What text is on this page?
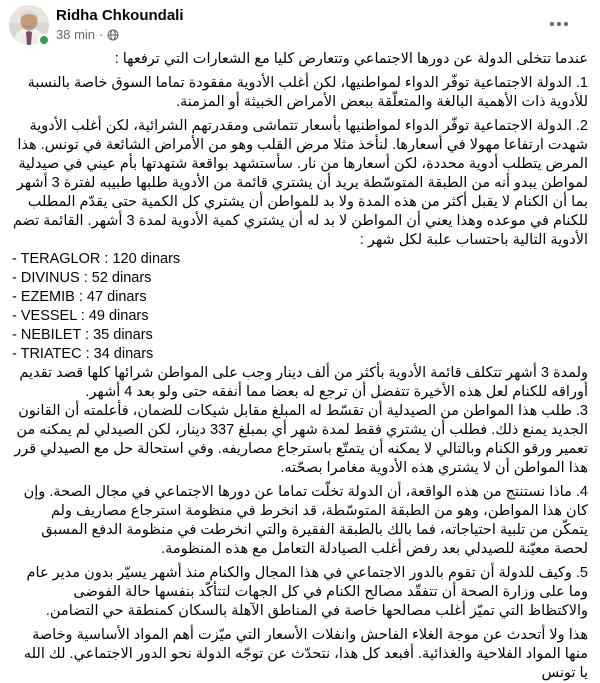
Ridha Chkoundali
38 min ·
عندما تتخلى الدولة عن دورها الاجتماعي وتتعارض كليا مع الشعارات التي ترفعها :
1. الدولة الاجتماعية توفّر الدواء لمواطنيها، لكن أغلب الأدوية مفقودة تماما السوق خاصة بالنسبة للأدوية ذات الأهمية البالغة والمتعلّقة ببعض الأمراض الخبيثة أو المزمنة.
2. الدولة الاجتماعية توفّر الدواء لمواطنيها بأسعار تتماشى ومقدرتهم الشرائية، لكن أغلب الأدوية شهدت ارتفاعا مهولا في أسعارها. لنأخذ مثلا مرض القلب وهو من الأمراض الشائعة في تونس. هذا المرض يتطلب أدوية محددة، لكن أسعارها من نار. سأستشهد بواقعة شتهدتها بأم عيني في صيدلية لمواطن يبدو أنه من الطبقة المتوسّطة يريد أن يشتري قائمة من الأدوية طلبها طبيبه لفترة 3 أشهر بما أن الكنام لا يقبل أكثر من هذه المدة ولا بد للمواطن أن يشتري كل الكمية حتى يقدّم المطلب للكنام في موعده وهذا يعني أن المواطن لا بد له أن يشتري كمية الأدوية لمدة 3 أشهر. القائمة تضم الأدوية التالية باحتساب علبة لكل شهر :
- TERAGLOR : 120 dinars
- DIVINUS : 52 dinars
- EZEMIB : 47 dinars
- VESSEL : 49 dinars
- NEBILET : 35 dinars
- TRIATEC : 34 dinars
ولمدة 3 أشهر تتكلف قائمة الأدوية بأكثر من ألف دينار وجب على المواطن شرائها كلها قصد تقديم أوراقه للكنام لعل هذه الأخيرة تتفضل أن ترجع له بعضا مما أنفقه حتى ولو بعد 4 أشهر.
3. طلب هذا المواطن من الصيدلية أن تقسّط له المبلغ مقابل شيكات للضمان، فأعلمته أن القانون الجديد يمنع ذلك. فطلب أن يشتري فقط لمدة شهر أي بمبلغ 337 دينار، لكن الصيدلي لم يمكنه من تعمير ورقو الكنام وبالتالي لا يمكنه أن يتمتّع باسترجاع مصاريفه. وفي استحالة حل مع الصيدلي قرر هذا المواطن أن لا يشتري هذه الأدوية مغامرا بصحّته.
4. ماذا نستنتج من هذه الواقعة، أن الدولة تخلّت تماما عن دورها الاجتماعي في مجال الصحة. وإن كان هذا المواطن، وهو من الطبقة المتوسّطة، قد انخرط في منظومة استرجاع مصاريف ولم يتمكّن من تلبية احتياجاته، فما بالك بالطبقة الفقيرة والتي انخرطت في منظومة الدفع المسبق لحصة معيّنة للصيدلي بعد رفض أغلب الصيادلة التعامل مع هذه المنظومة.
5. وكيف للدولة أن تقوم بالدور الاجتماعي في هذا المجال والكنام منذ أشهر يسيّر بدون مدير عام وما على وزارة الصحة أن تتفقّد مصالح الكنام في كل الجهات لتتأكّد بنفسها حالة الفوضى والاكتظاظ التي تميّز أغلب مصالحها خاصة في المناطق الآهلة بالسكان كمنطقة حي التضامن.
هذا ولا أتحدث عن موجة الغلاء الفاحش وانفلات الأسعار التي ميّزت أهم المواد الأساسية وخاصة منها المواد الفلاحية والغذائية. أفبعد كل هذا، نتحدّث عن توجّه الدولة نحو الدور الاجتماعي. لك الله يا تونس
